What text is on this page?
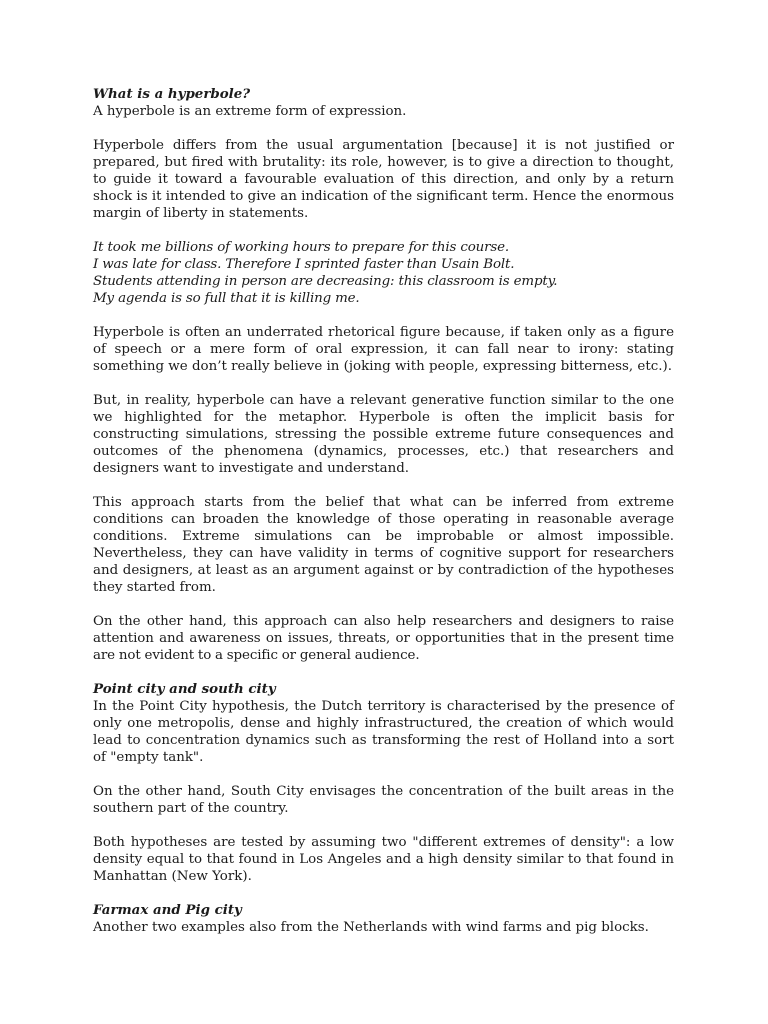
What is a hyperbole?

A hyperbole is an extreme form of expression.

Hyperbole differs from the usual argumentation [because] it is not justified or prepared, but fired with brutality: its role, however, is to give a direction to thought, to guide it toward a favourable evaluation of this direction, and only by a return shock is it intended to give an indication of the significant term. Hence the enormous margin of liberty in statements.

It took me billions of working hours to prepare for this course.
I was late for class. Therefore I sprinted faster than Usain Bolt.
Students attending in person are decreasing: this classroom is empty.
My agenda is so full that it is killing me.

Hyperbole is often an underrated rhetorical figure because, if taken only as a figure of speech or a mere form of oral expression, it can fall near to irony: stating something we don’t really believe in (joking with people, expressing bitterness, etc.).

But, in reality, hyperbole can have a relevant generative function similar to the one we highlighted for the metaphor. Hyperbole is often the implicit basis for constructing simulations, stressing the possible extreme future consequences and outcomes of the phenomena (dynamics, processes, etc.) that researchers and designers want to investigate and understand.

This approach starts from the belief that what can be inferred from extreme conditions can broaden the knowledge of those operating in reasonable average conditions. Extreme simulations can be improbable or almost impossible. Nevertheless, they can have validity in terms of cognitive support for researchers and designers, at least as an argument against or by contradiction of the hypotheses they started from.

On the other hand, this approach can also help researchers and designers to raise attention and awareness on issues, threats, or opportunities that in the present time are not evident to a specific or general audience.

Point city and south city

In the Point City hypothesis, the Dutch territory is characterised by the presence of only one metropolis, dense and highly infrastructured, the creation of which would lead to concentration dynamics such as transforming the rest of Holland into a sort of "empty tank".

On the other hand, South City envisages the concentration of the built areas in the southern part of the country.

Both hypotheses are tested by assuming two "different extremes of density": a low density equal to that found in Los Angeles and a high density similar to that found in Manhattan (New York).

Farmax and Pig city

Another two examples also from the Netherlands with wind farms and pig blocks.
